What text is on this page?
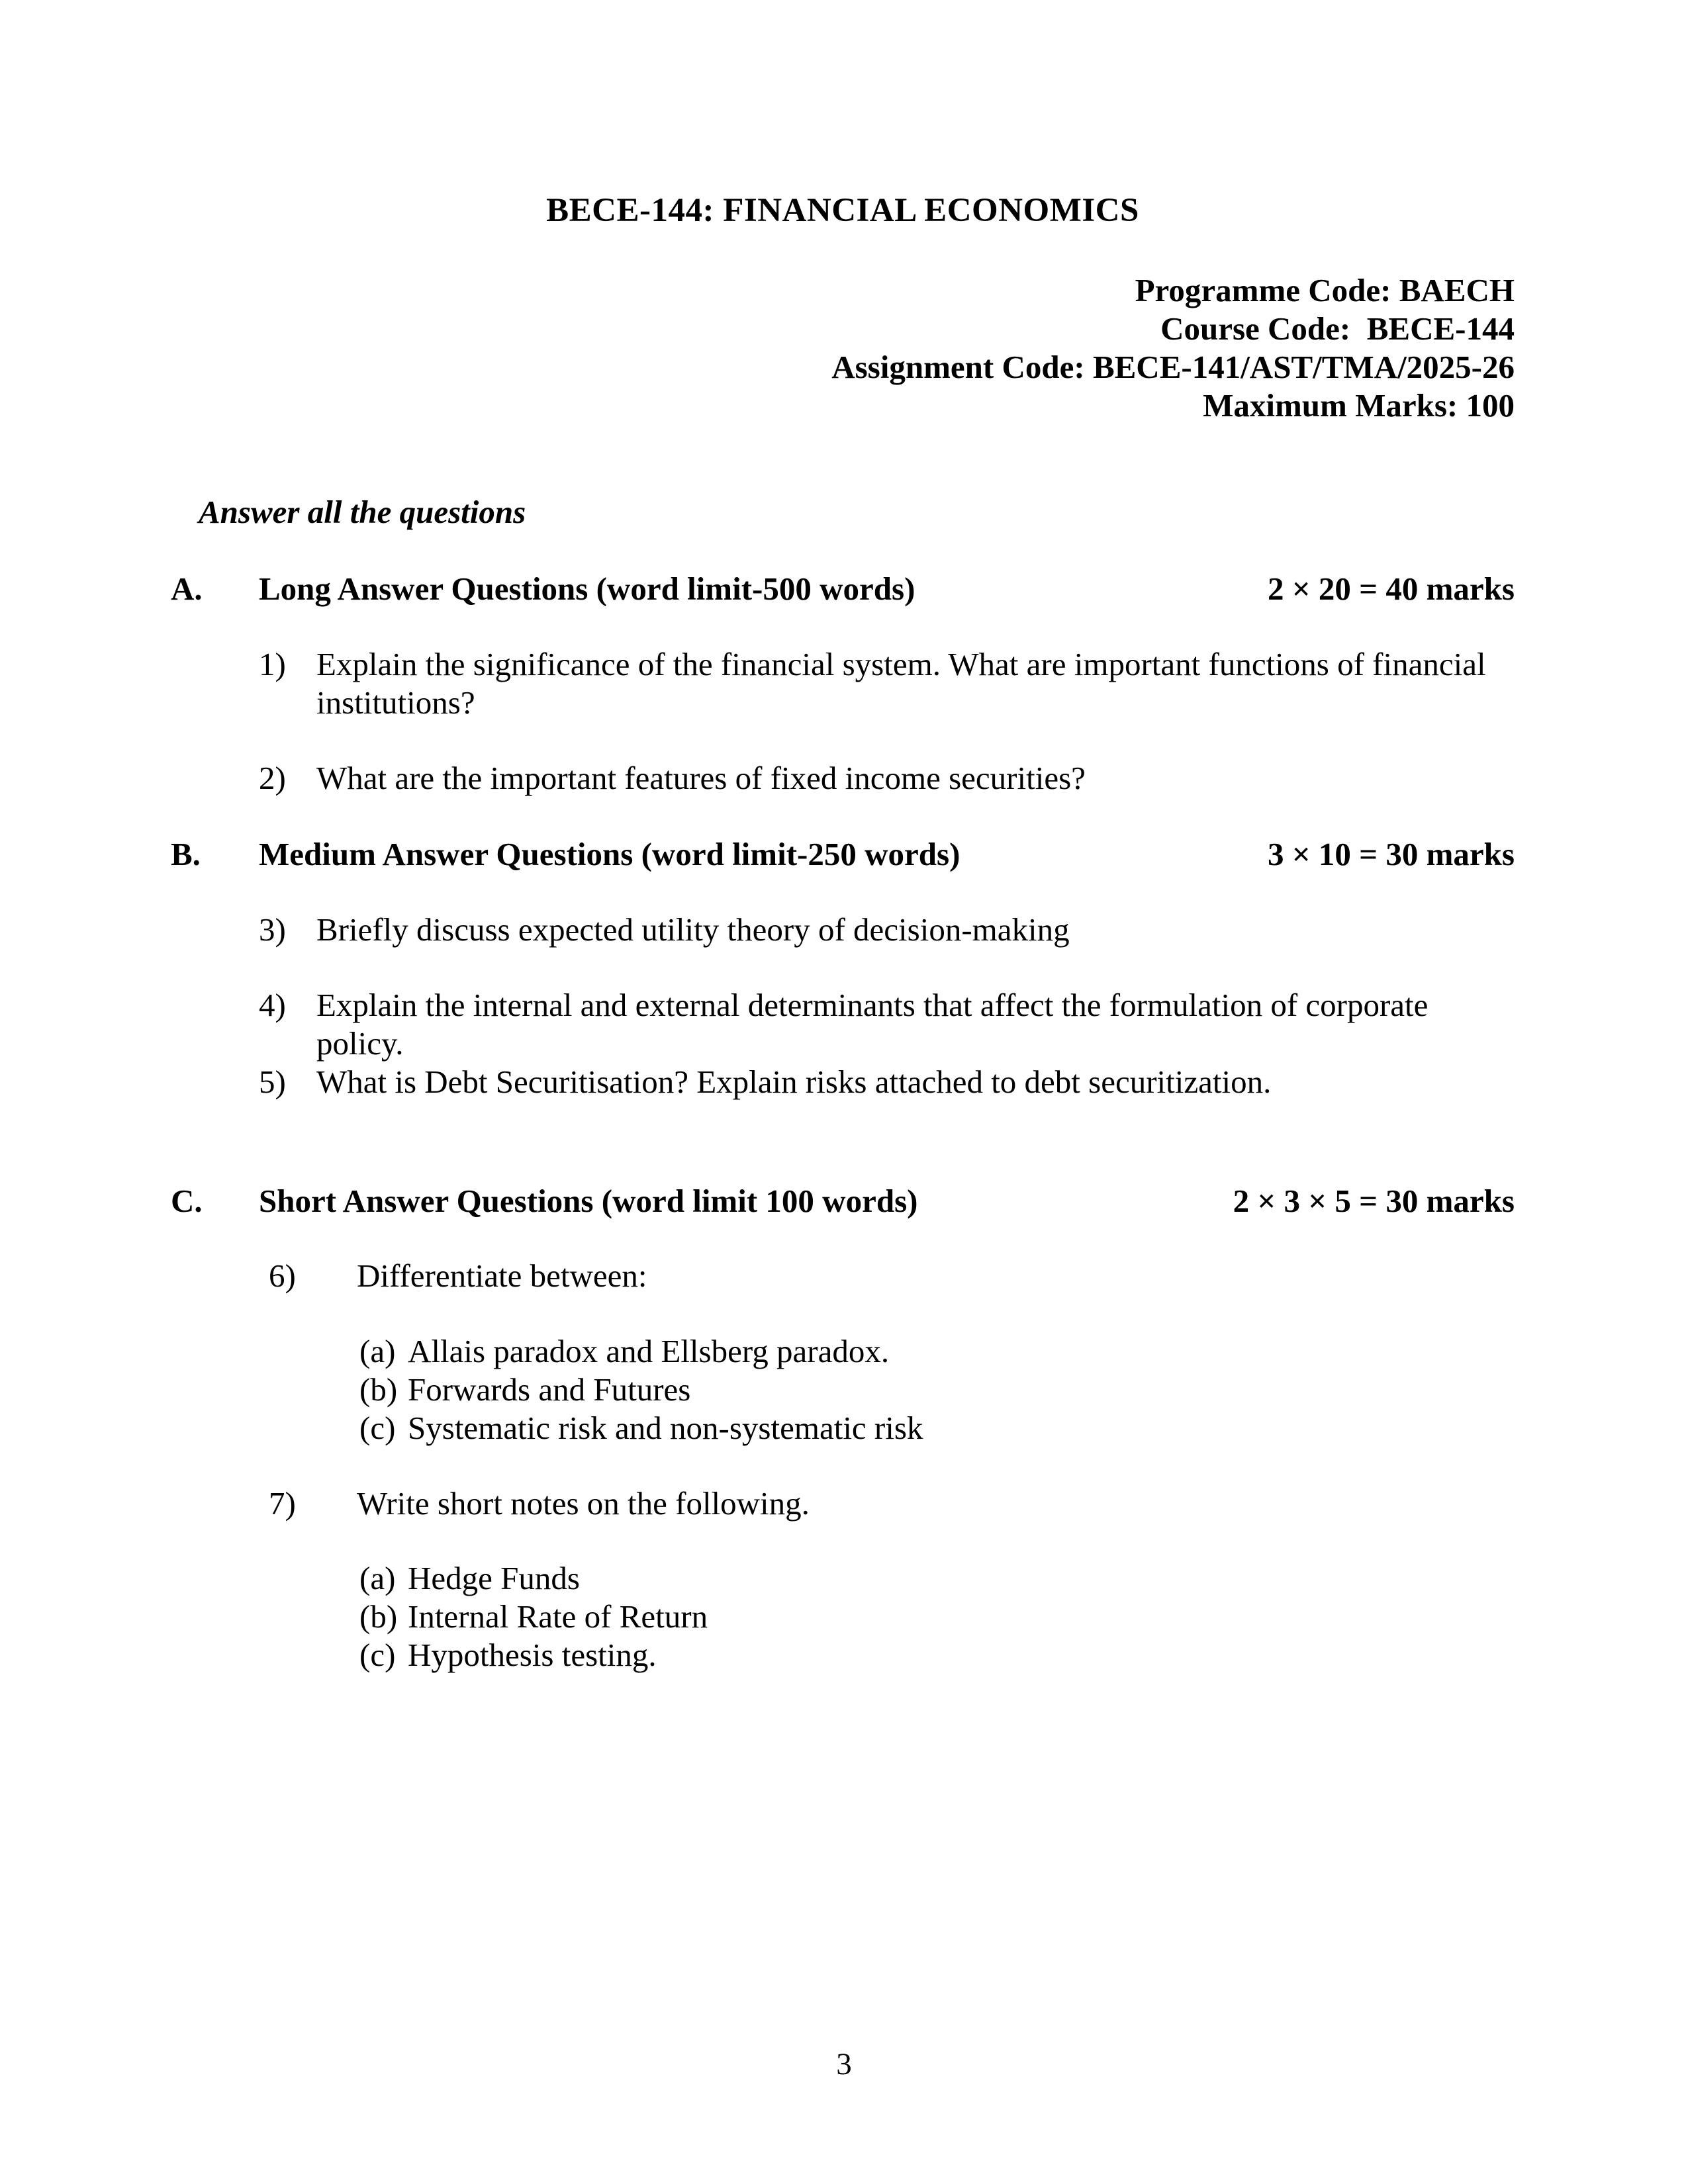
BECE-144: FINANCIAL ECONOMICS
Programme Code: BAECH
Course Code:  BECE-144
Assignment Code: BECE-141/AST/TMA/2025-26
Maximum Marks: 100
Answer all the questions
A.	Long Answer Questions (word limit-500 words)	2 × 20 = 40 marks
1) Explain the significance of the financial system. What are important functions of financial institutions?
2) What are the important features of fixed income securities?
B.	Medium Answer Questions (word limit-250 words)	3 × 10 = 30 marks
3) Briefly discuss expected utility theory of decision-making
4) Explain the internal and external determinants that affect the formulation of corporate policy.
5) What is Debt Securitisation? Explain risks attached to debt securitization.
C.	Short Answer Questions (word limit 100 words)	2 × 3 × 5 = 30 marks
6)	Differentiate between:
(a) Allais paradox and Ellsberg paradox.
(b) Forwards and Futures
(c) Systematic risk and non-systematic risk
7)	Write short notes on the following.
(a) Hedge Funds
(b) Internal Rate of Return
(c) Hypothesis testing.
3
